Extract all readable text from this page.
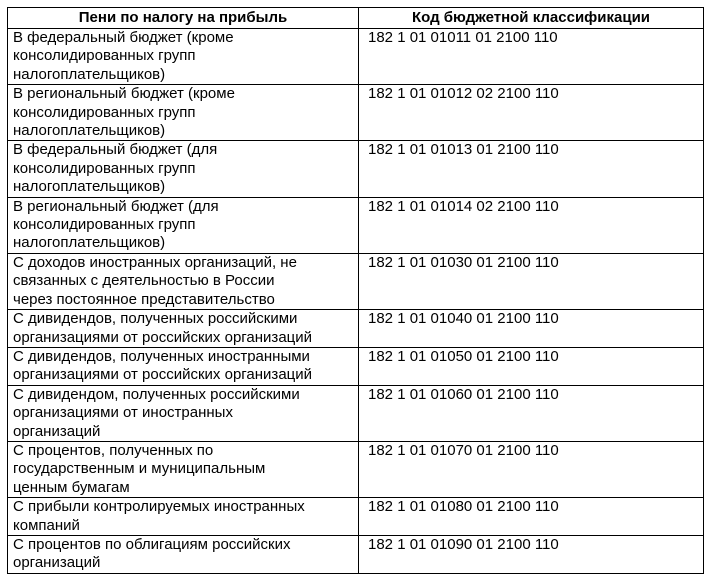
Пени по налогу на прибыль	Код бюджетной классификации
В федеральный бюджет (кроме
консолидированных групп
налогоплательщиков)	182 1 01 01011 01 2100 110
В региональный бюджет (кроме
консолидированных групп
налогоплательщиков)	182 1 01 01012 02 2100 110
В федеральный бюджет (для
консолидированных групп
налогоплательщиков)	182 1 01 01013 01 2100 110
В региональный бюджет (для
консолидированных групп
налогоплательщиков)	182 1 01 01014 02 2100 110
С доходов иностранных организаций, не
связанных с деятельностью в России
через постоянное представительство	182 1 01 01030 01 2100 110
С дивидендов, полученных российскими
организациями от российских организаций	182 1 01 01040 01 2100 110
С дивидендов, полученных иностранными
организациями от российских организаций	182 1 01 01050 01 2100 110
С дивидендом, полученных российскими
организациями от иностранных
организаций	182 1 01 01060 01 2100 110
С процентов, полученных по
государственным и муниципальным
ценным бумагам	182 1 01 01070 01 2100 110
С прибыли контролируемых иностранных
компаний	182 1 01 01080 01 2100 110
С процентов по облигациям российских
организаций	182 1 01 01090 01 2100 110
